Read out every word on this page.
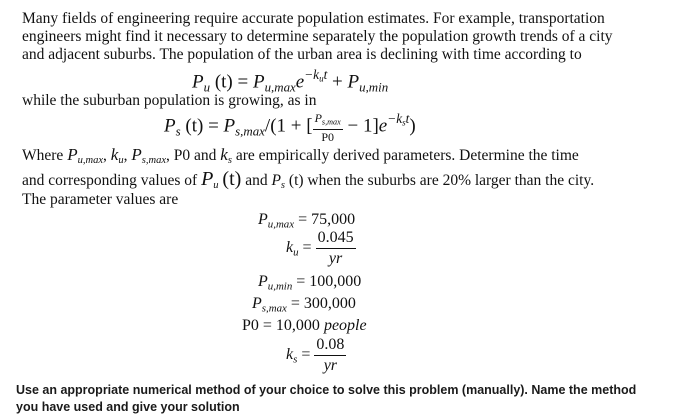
Many fields of engineering require accurate population estimates. For example, transportation
engineers might find it necessary to determine separately the population growth trends of a city
and adjacent suburbs. The population of the urban area is declining with time according to
$P_u$ $(t) = P_{u,max}e^{-k_ut} + P_{u,min}$
while the suburban population is growing, as in
$P_s$ $(t) = P_{s,max}/(1$ + [ $\frac{P_{s,max}}{P0} - 1]e^{-k_st}$)
Where $P_{u,max}$, $k_u$, $P_{s,max}$, P0 and $k_s$ are empirically derived parameters. Determine the time
and corresponding values of $P_u$ (t) and $P_s$ (t) when the suburbs are 20% larger than the city.
The parameter values are
$P_{u,max} = 75,000$
$k_u = \frac{0.045}{yr}$
$P_{u,min} = 100,000$
$P_{s,max} = 300,000$
P0 = 10,000 people
$k_s = \frac{0.08}{yr}$
Use an appropriate numerical method of your choice to solve this problem (manually). Name the method
you have used and give your solution
